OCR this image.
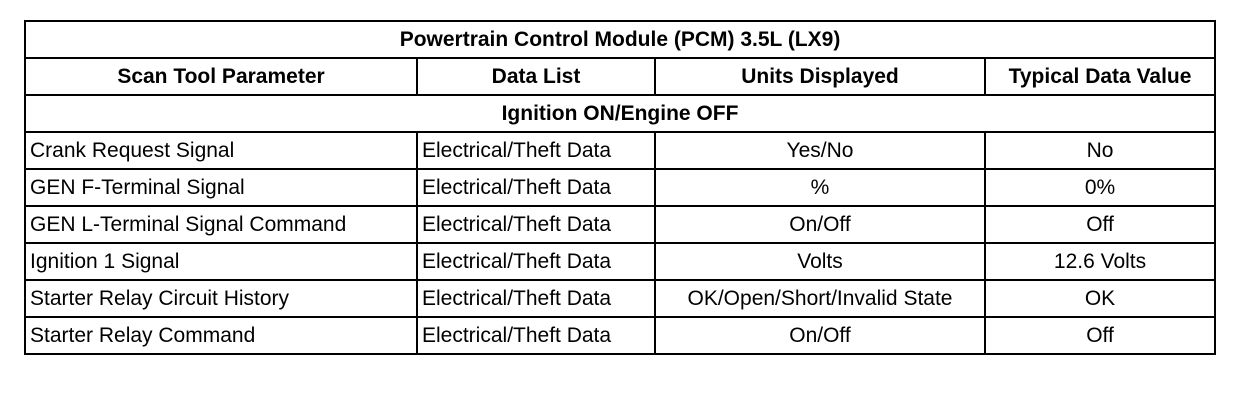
Powertrain Control Module (PCM) 3.5L (LX9)			
Scan Tool Parameter	Data List	Units Displayed	Typical Data Value
Ignition ON/Engine OFF			
Crank Request Signal	Electrical/Theft Data	Yes/No	No
GEN F-Terminal Signal	Electrical/Theft Data	%	0%
GEN L-Terminal Signal Command	Electrical/Theft Data	On/Off	Off
Ignition 1 Signal	Electrical/Theft Data	Volts	12.6 Volts
Starter Relay Circuit History	Electrical/Theft Data	OK/Open/Short/Invalid State	OK
Starter Relay Command	Electrical/Theft Data	On/Off	Off
